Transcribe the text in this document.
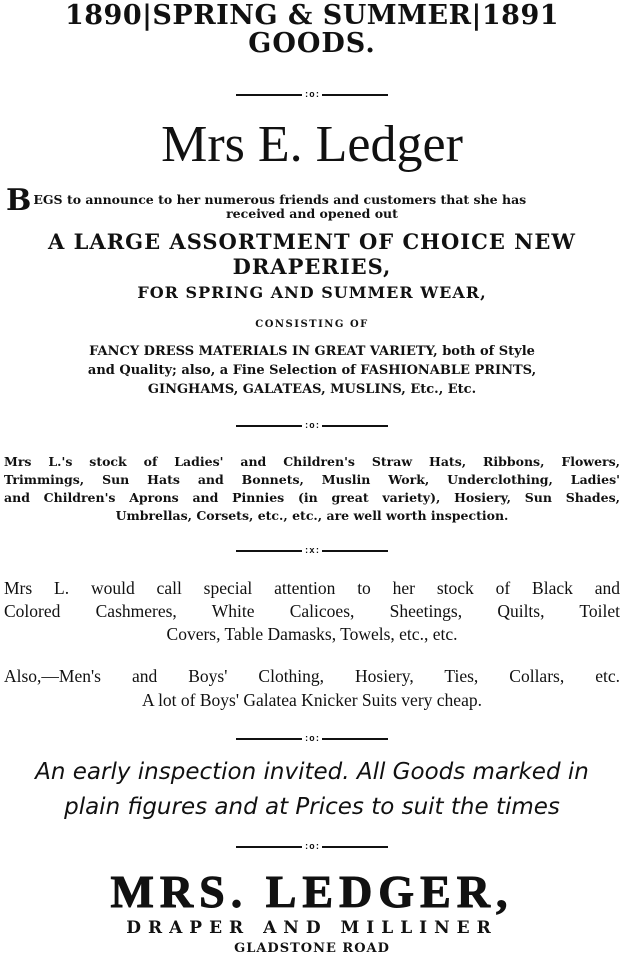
1890|SPRING & SUMMER|1891
GOODS.
:o:
Mrs E. Ledger
BEGS to announce to her numerous friends and customers that she has
received and opened out
A LARGE ASSORTMENT OF CHOICE NEW
DRAPERIES,
FOR SPRING AND SUMMER WEAR,
CONSISTING OF
FANCY DRESS MATERIALS IN GREAT VARIETY, both of Style
and Quality; also, a Fine Selection of FASHIONABLE PRINTS,
GINGHAMS, GALATEAS, MUSLINS, Etc., Etc.
:o:
Mrs L.'s stock of Ladies' and Children's Straw Hats, Ribbons, Flowers,
Trimmings, Sun Hats and Bonnets, Muslin Work, Underclothing, Ladies'
and Children's Aprons and Pinnies (in great variety), Hosiery, Sun Shades,
Umbrellas, Corsets, etc., etc., are well worth inspection.
:x:
Mrs L. would call special attention to her stock of Black and
Colored Cashmeres, White Calicoes, Sheetings, Quilts, Toilet
Covers, Table Damasks, Towels, etc., etc.
Also,—Men's and Boys' Clothing, Hosiery, Ties, Collars, etc.
A lot of Boys' Galatea Knicker Suits very cheap.
:o:
An early inspection invited. All Goods marked in
plain figures and at Prices to suit the times
:o:
MRS. LEDGER,
DRAPER AND MILLINER
GLADSTONE ROAD
